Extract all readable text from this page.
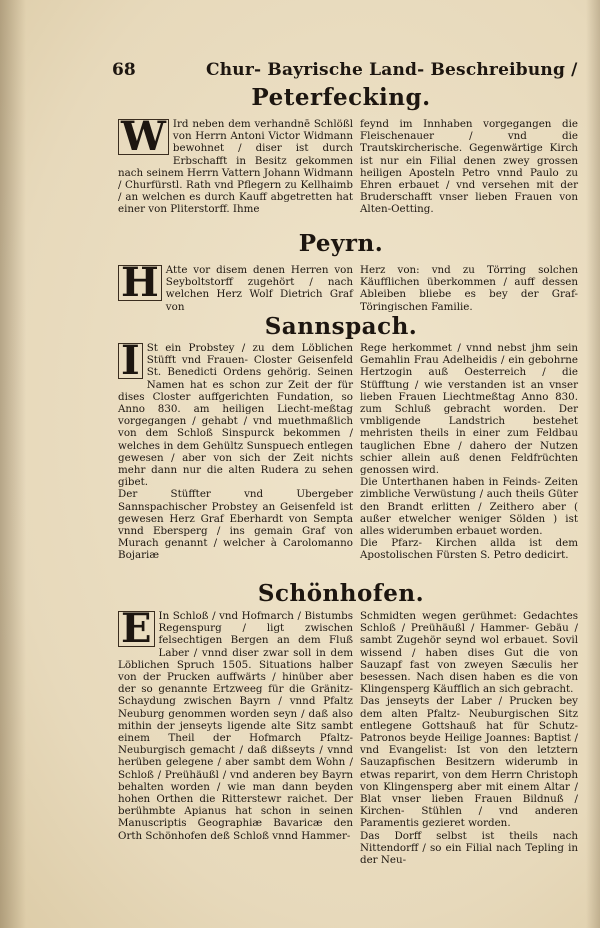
68	Chur- Bayrische Land- Beschreibung /
Peterfecking.
W Ird neben dem verhandnē Schlößl von Herrn Antoni Victor Widmann bewohnet / diser ist durch Erbschafft in Besitz gekommen nach seinem Herrn Vattern Johann Widmann / Churfürstl. Rath vnd Pflegern zu Kellhaimb / an welchen es durch Kauff abgetretten hat einer von Pliterstorff. Ihme

feynd im Innhaben vorgegangen die Fleischenauer / vnd die Trautskircherische. Gegenwärtige Kirch ist nur ein Filial denen zwey grossen heiligen Aposteln Petro vnnd Paulo zu Ehren erbauet / vnd versehen mit der Bruderschafft vnser lieben Frauen von Alten-Oetting.

Peyrn.
H Atte vor disem denen Herren von Seyboltstorff zugehört / nach welchen Herz Wolf Dietrich Graf von

Herz von: vnd zu Törring solchen Käufflichen überkommen / auff dessen Ableiben bliebe es bey der Graf- Töringischen Familie.

Sannspach.
I St ein Probstey / zu dem Löblichen Stüfft vnd Frauen- Closter Geisenfeld St. Benedicti Ordens gehörig. Seinen Namen hat es schon zur Zeit der für dises Closter auffgerichten Fundation, so Anno 830. am heiligen Liecht-meßtag vorgegangen / gehabt / vnd muethmaßlich von dem Schloß Sinspurck bekommen / welches in dem Gehültz Sunspuech entlegen gewesen / aber von sich der Zeit nichts mehr dann nur die alten Rudera zu sehen gibet.

Der Stüffter vnd Ubergeber Sannspachischer Probstey an Geisenfeld ist gewesen Herz Graf Eberhardt von Sempta vnnd Ebersperg / ins gemain Graf von Murach genannt / welcher à Carolomanno Bojariæ

Rege herkommet / vnnd nebst jhm sein Gemahlin Frau Adelheidis / ein gebohrne Hertzogin auß Oesterreich / die Stüfftung / wie verstanden ist an vnser lieben Frauen Liechtmeßtag Anno 830. zum Schluß gebracht worden. Der vmbligende Landstrich bestehet mehristen theils in einer zum Feldbau tauglichen Ebne / dahero der Nutzen schier allein auß denen Feldfrüchten genossen wird.

Die Unterthanen haben in Feinds- Zeiten zimbliche Verwüstung / auch theils Güter den Brandt erlitten / Zeithero aber ( außer etwelcher weniger Sölden ) ist alles widerumben erbauet worden.

Die Pfarz- Kirchen allda ist dem Apostolischen Fürsten S. Petro dedicirt.

Schönhofen.
E In Schloß / vnd Hofmarch / Bistumbs Regenspurg / ligt zwischen felsechtigen Bergen an dem Fluß Laber / vnnd diser zwar soll in dem Löblichen Spruch 1505. Situations halber von der Prucken auffwärts / hinüber aber der so genannte Ertzweeg für die Gränitz-Schaydung zwischen Bayrn / vnnd Pfaltz Neuburg genommen worden seyn / daß also mithin der jenseyts ligende alte Sitz sambt einem Theil der Hofmarch Pfaltz- Neuburgisch gemacht / daß dißseyts / vnnd herüben gelegene / aber sambt dem Wohn / Schloß / Preühäußl / vnd anderen bey Bayrn behalten worden / wie man dann beyden hohen Orthen die Ritterstewr raichet. Der berühmbte Apianus hat schon in seinen Manuscriptis Geographiæ Bavaricæ den Orth Schönhofen deß Schloß vnnd Hammer-

Schmidten wegen gerühmet: Gedachtes Schloß / Preühäußl / Hammer- Gebäu / sambt Zugehör seynd wol erbauet. Sovil wissend / haben dises Gut die von Sauzapf fast von zweyen Sæculis her besessen. Nach disen haben es die von Klingensperg Käufflich an sich gebracht.

Das jenseyts der Laber / Prucken bey dem alten Pfaltz- Neuburgischen Sitz entlegene Gottshauß hat für Schutz- Patronos beyde Heilige Joannes: Baptist / vnd Evangelist: Ist von den letztern Sauzapfischen Besitzern widerumb in etwas reparirt, von dem Herrn Christoph von Klingensperg aber mit einem Altar / Blat vnser lieben Frauen Bildnuß / Kirchen- Stühlen / vnd anderen Paramentis gezieret worden.

Das Dorff selbst ist theils nach Nittendorff / so ein Filial nach Tepling in der Neu-
